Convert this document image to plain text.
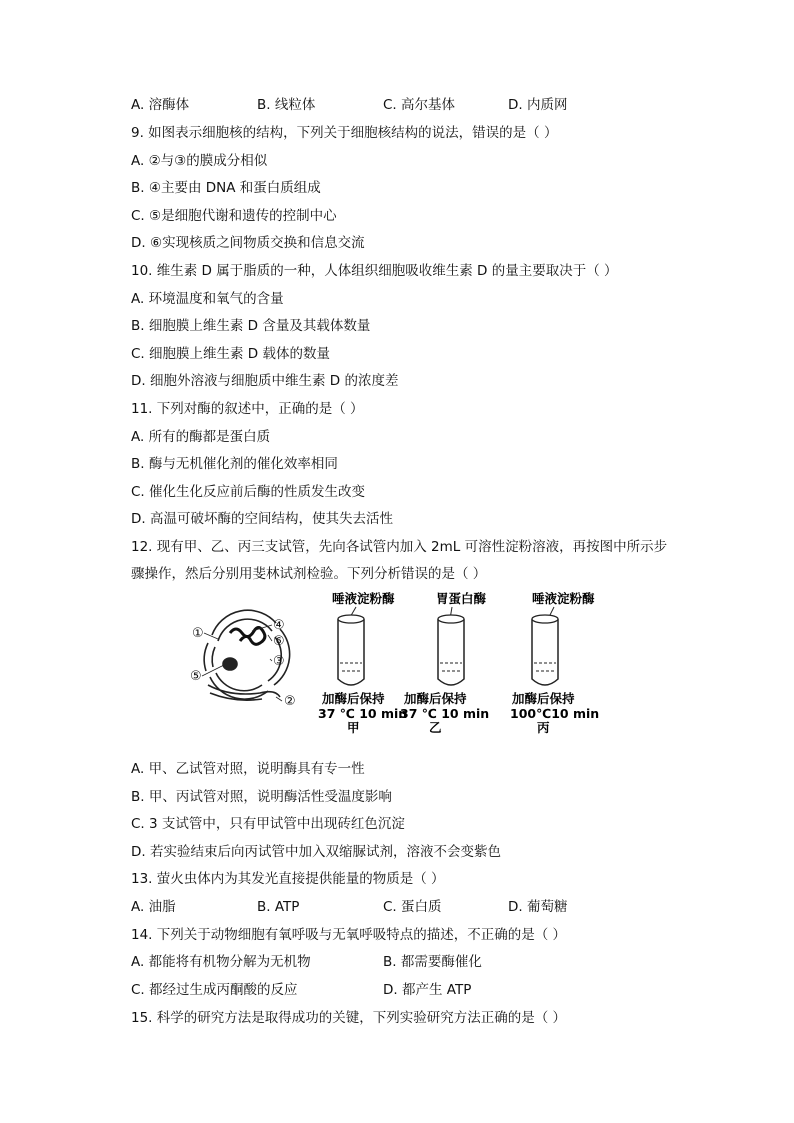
A. 溶酶体	B. 线粒体	C. 高尔基体	D. 内质网
9. 如图表示细胞核的结构，下列关于细胞核结构的说法，错误的是（ ）
A. ②与③的膜成分相似
B. ④主要由 DNA 和蛋白质组成
C. ⑤是细胞代谢和遗传的控制中心
D. ⑥实现核质之间物质交换和信息交流
10. 维生素 D 属于脂质的一种，人体组织细胞吸收维生素 D 的量主要取决于（ ）
A. 环境温度和氧气的含量
B. 细胞膜上维生素 D 含量及其载体数量
C. 细胞膜上维生素 D 载体的数量
D. 细胞外溶液与细胞质中维生素 D 的浓度差
11. 下列对酶的叙述中，正确的是（ ）
A. 所有的酶都是蛋白质
B. 酶与无机催化剂的催化效率相同
C. 催化生化反应前后酶的性质发生改变
D. 高温可破坏酶的空间结构，使其失去活性
12. 现有甲、乙、丙三支试管，先向各试管内加入 2mL 可溶性淀粉溶液，再按图中所示步
骤操作，然后分别用斐林试剂检验。下列分析错误的是（ ）
①
②
③
④
⑤
⑥
唾液淀粉酶
加酶后保持
37 ℃ 10 min
甲
胃蛋白酶
加酶后保持
37 ℃ 10 min
乙
唾液淀粉酶
加酶后保持
100℃10 min
丙
A. 甲、乙试管对照，说明酶具有专一性
B. 甲、丙试管对照，说明酶活性受温度影响
C. 3 支试管中，只有甲试管中出现砖红色沉淀
D. 若实验结束后向丙试管中加入双缩脲试剂，溶液不会变紫色
13. 萤火虫体内为其发光直接提供能量的物质是（ ）
A. 油脂	B. ATP	C. 蛋白质	D. 葡萄糖
14. 下列关于动物细胞有氧呼吸与无氧呼吸特点的描述，不正确的是（ ）
A. 都能将有机物分解为无机物	B. 都需要酶催化
C. 都经过生成丙酮酸的反应	D. 都产生 ATP
15. 科学的研究方法是取得成功的关键，下列实验研究方法正确的是（ ）
